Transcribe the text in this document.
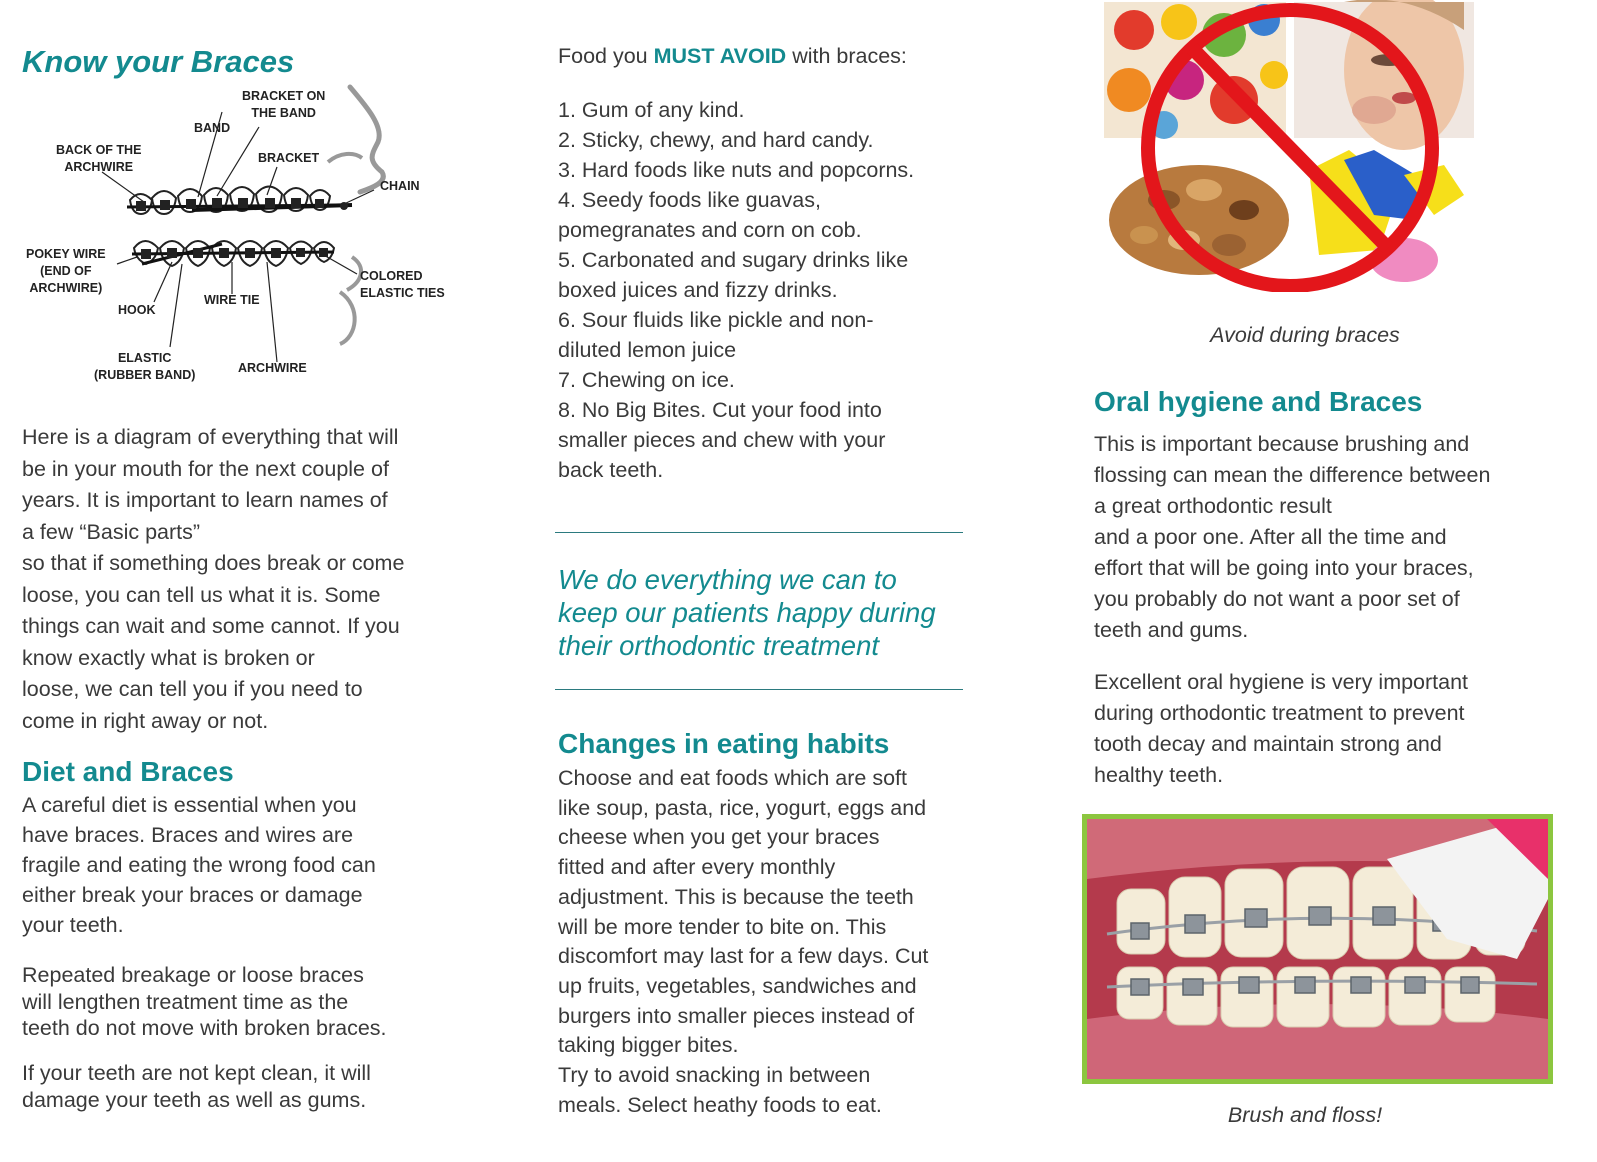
Know your Braces
BRACKET ON
THE BAND
BAND
BACK OF THE
ARCHWIRE
BRACKET
CHAIN
POKEY WIRE
(END OF
ARCHWIRE)
COLORED
ELASTIC TIES
WIRE TIE
HOOK
ELASTIC
(RUBBER BAND)	ARCHWIRE
Here is a diagram of everything that will
be in your mouth for the next couple of
years. It is important to learn names of
a few “Basic parts”
so that if something does break or come
loose, you can tell us what it is. Some
things can wait and some cannot. If you
know exactly what is broken or
loose, we can tell you if you need to
come in right away or not.
Diet and Braces
A careful diet is essential when you
have braces. Braces and wires are
fragile and eating the wrong food can
either break your braces or damage
your teeth.
Repeated breakage or loose braces
will lengthen treatment time as the
teeth do not move with broken braces.
If your teeth are not kept clean, it will
damage your teeth as well as gums.
Food you MUST AVOID with braces:
1. Gum of any kind.
2. Sticky, chewy, and hard candy.
3. Hard foods like nuts and popcorns.
4. Seedy foods like guavas,
pomegranates and corn on cob.
5. Carbonated and sugary drinks like
boxed juices and fizzy drinks.
6. Sour fluids like pickle and non-
diluted lemon juice
7. Chewing on ice.
8. No Big Bites. Cut your food into
smaller pieces and chew with your
back teeth.
We do everything we can to
keep our patients happy during
their orthodontic treatment
Changes in eating habits
Choose and eat foods which are soft
like soup, pasta, rice, yogurt, eggs and
cheese when you get your braces
fitted and after every monthly
adjustment. This is because the teeth
will be more tender to bite on. This
discomfort may last for a few days. Cut
up fruits, vegetables, sandwiches and
burgers into smaller pieces instead of
taking bigger bites.
Try to avoid snacking in between
meals. Select heathy foods to eat.
Avoid during braces
Oral hygiene and Braces
This is important because brushing and
flossing can mean the difference between
a great orthodontic result
and a poor one. After all the time and
effort that will be going into your braces,
you probably do not want a poor set of
teeth and gums.
Excellent oral hygiene is very important
during orthodontic treatment to prevent
tooth decay and maintain strong and
healthy teeth.
Brush and floss!
